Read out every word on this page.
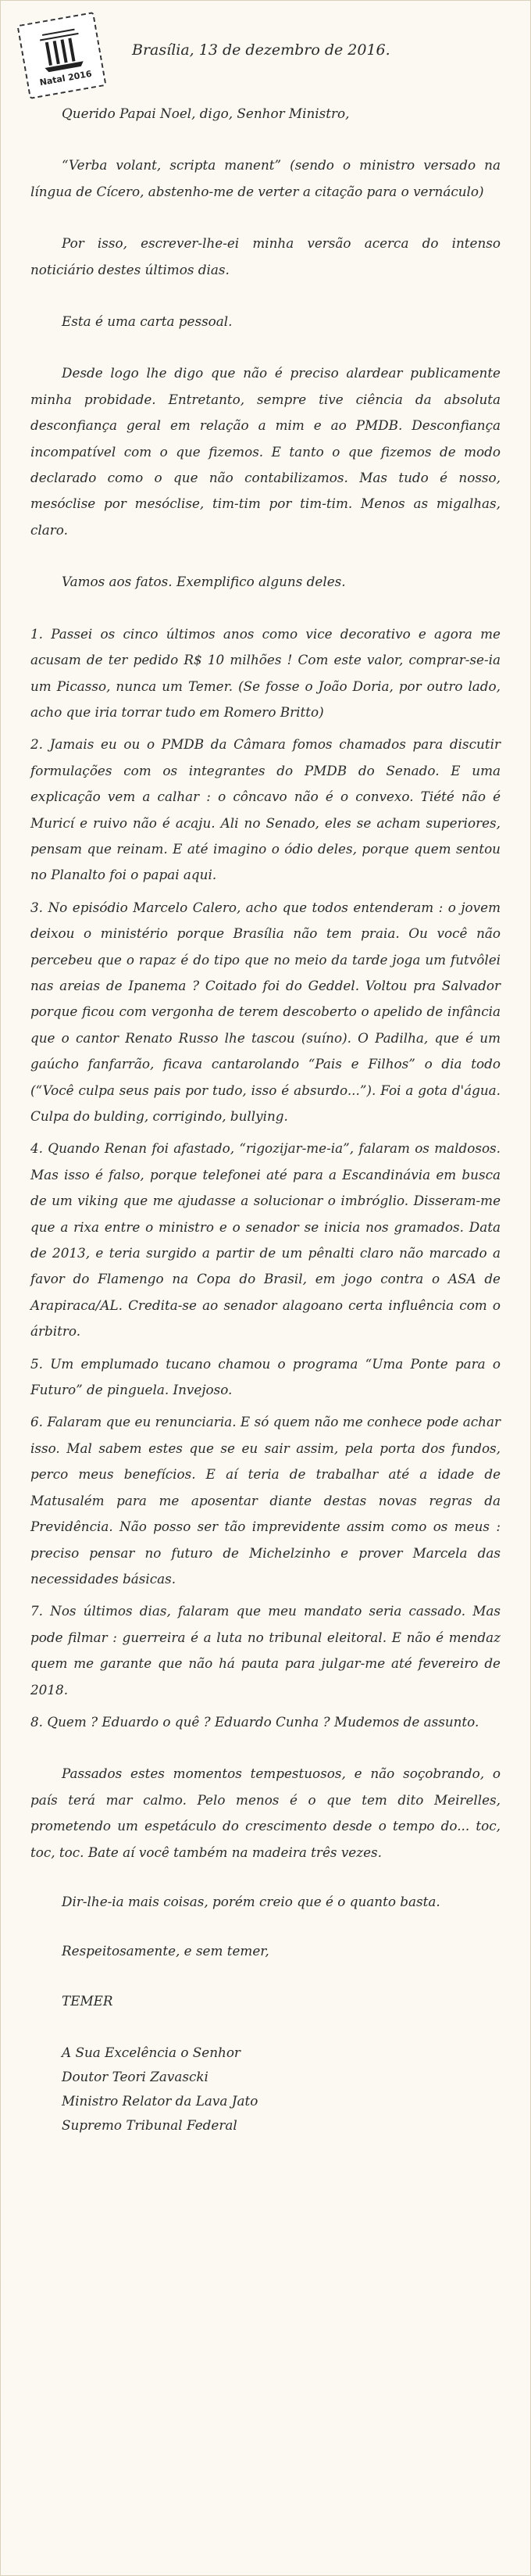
Natal 2016
Brasília, 13 de dezembro de 2016.

Querido Papai Noel, digo, Senhor Ministro,

“Verba volant, scripta manent” (sendo o ministro versado na língua de Cícero, abstenho-me de verter a citação para o vernáculo)

Por isso, escrever-lhe-ei minha versão acerca do intenso noticiário destes últimos dias.

Esta é uma carta pessoal.

Desde logo lhe digo que não é preciso alardear publicamente minha probidade. Entretanto, sempre tive ciência da absoluta desconfiança geral em relação a mim e ao PMDB. Desconfiança incompatível com o que fizemos. E tanto o que fizemos de modo declarado como o que não contabilizamos. Mas tudo é nosso, mesóclise por mesóclise, tim-tim por tim-tim. Menos as migalhas, claro.

Vamos aos fatos. Exemplifico alguns deles.

1. Passei os cinco últimos anos como vice decorativo e agora me acusam de ter pedido R$ 10 milhões ! Com este valor, comprar-se-ia um Picasso, nunca um Temer. (Se fosse o João Doria, por outro lado, acho que iria torrar tudo em Romero Britto)

2. Jamais eu ou o PMDB da Câmara fomos chamados para discutir formulações com os integrantes do PMDB do Senado. E uma explicação vem a calhar : o côncavo não é o convexo. Tiété não é Muricí e ruivo não é acaju. Ali no Senado, eles se acham superiores, pensam que reinam. E até imagino o ódio deles, porque quem sentou no Planalto foi o papai aqui.

3. No episódio Marcelo Calero, acho que todos entenderam : o jovem deixou o ministério porque Brasília não tem praia. Ou você não percebeu que o rapaz é do tipo que no meio da tarde joga um futvôlei nas areias de Ipanema ? Coitado foi do Geddel. Voltou pra Salvador porque ficou com vergonha de terem descoberto o apelido de infância que o cantor Renato Russo lhe tascou (suíno). O Padilha, que é um gaúcho fanfarrão, ficava cantarolando “Pais e Filhos” o dia todo (“Você culpa seus pais por tudo, isso é absurdo...”). Foi a gota d'água. Culpa do bulding, corrigindo, bullying.

4. Quando Renan foi afastado, “rigozijar-me-ia”, falaram os maldosos. Mas isso é falso, porque telefonei até para a Escandinávia em busca de um viking que me ajudasse a solucionar o imbróglio. Disseram-me que a rixa entre o ministro e o senador se inicia nos gramados. Data de 2013, e teria surgido a partir de um pênalti claro não marcado a favor do Flamengo na Copa do Brasil, em jogo contra o ASA de Arapiraca/AL. Credita-se ao senador alagoano certa influência com o árbitro.

5. Um emplumado tucano chamou o programa “Uma Ponte para o Futuro” de pinguela. Invejoso.

6. Falaram que eu renunciaria. E só quem não me conhece pode achar isso. Mal sabem estes que se eu sair assim, pela porta dos fundos, perco meus benefícios. E aí teria de trabalhar até a idade de Matusalém para me aposentar diante destas novas regras da Previdência. Não posso ser tão imprevidente assim como os meus : preciso pensar no futuro de Michelzinho e prover Marcela das necessidades básicas.

7. Nos últimos dias, falaram que meu mandato seria cassado. Mas pode filmar : guerreira é a luta no tribunal eleitoral. E não é mendaz quem me garante que não há pauta para julgar-me até fevereiro de 2018.

8. Quem ? Eduardo o quê ? Eduardo Cunha ? Mudemos de assunto.

Passados estes momentos tempestuosos, e não soçobrando, o país terá mar calmo. Pelo menos é o que tem dito Meirelles, prometendo um espetáculo do crescimento desde o tempo do... toc, toc, toc. Bate aí você também na madeira três vezes.

Dir-lhe-ia mais coisas, porém creio que é o quanto basta.

Respeitosamente, e sem temer,

TEMER

A Sua Excelência o Senhor
Doutor Teori Zavascki
Ministro Relator da Lava Jato
Supremo Tribunal Federal
